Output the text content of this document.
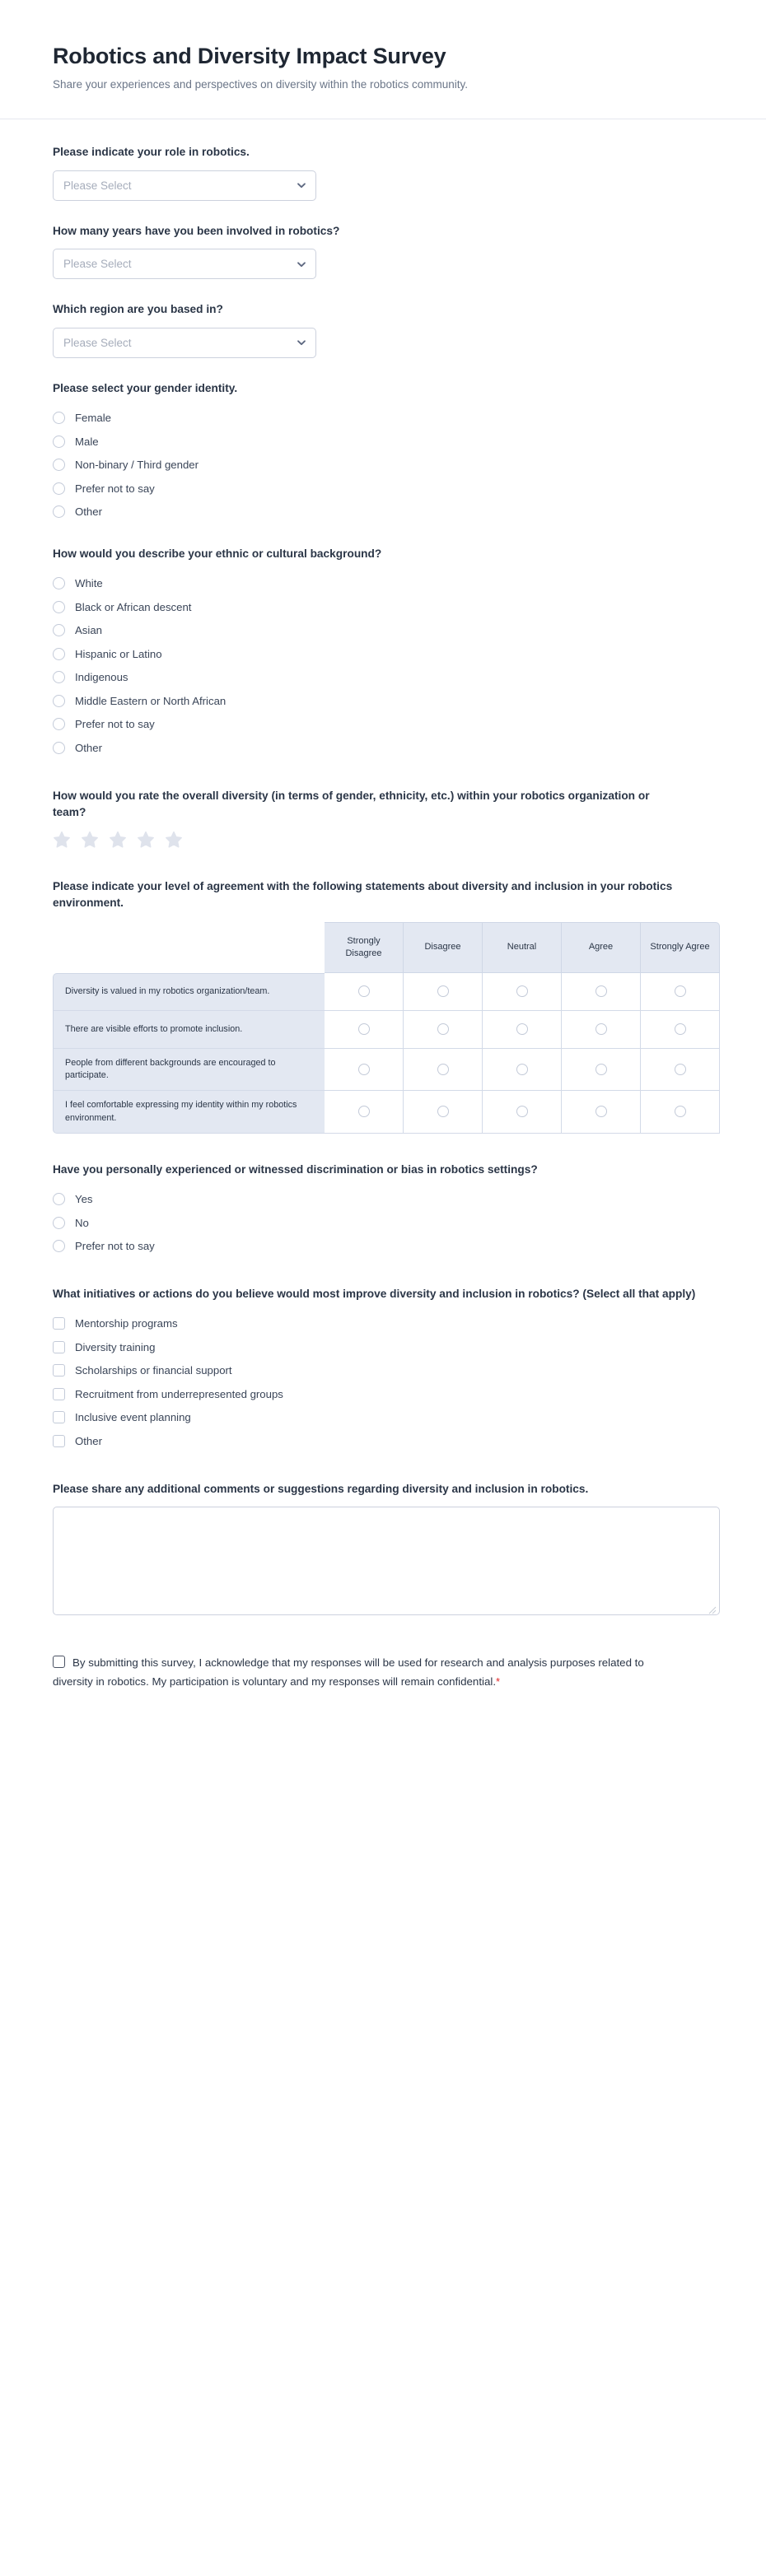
Robotics and Diversity Impact Survey

Share your experiences and perspectives on diversity within the robotics community.

Please indicate your role in robotics.
Please Select
How many years have you been involved in robotics?
Please Select
Which region are you based in?
Please Select
Please select your gender identity.
Female
Male
Non-binary / Third gender
Prefer not to say
Other
How would you describe your ethnic or cultural background?
White
Black or African descent
Asian
Hispanic or Latino
Indigenous
Middle Eastern or North African
Prefer not to say
Other
How would you rate the overall diversity (in terms of gender, ethnicity, etc.) within your robotics organization or team?
Please indicate your level of agreement with the following statements about diversity and inclusion in your robotics environment.
	Strongly Disagree	Disagree	Neutral	Agree	Strongly Agree
Diversity is valued in my robotics organization/team.					
There are visible efforts to promote inclusion.					
People from different backgrounds are encouraged to participate.					
I feel comfortable expressing my identity within my robotics environment.					
Have you personally experienced or witnessed discrimination or bias in robotics settings?
Yes
No
Prefer not to say
What initiatives or actions do you believe would most improve diversity and inclusion in robotics? (Select all that apply)
Mentorship programs
Diversity training
Scholarships or financial support
Recruitment from underrepresented groups
Inclusive event planning
Other
Please share any additional comments or suggestions regarding diversity and inclusion in robotics.
By submitting this survey, I acknowledge that my responses will be used for research and analysis purposes related to diversity in robotics. My participation is voluntary and my responses will remain confidential.*
